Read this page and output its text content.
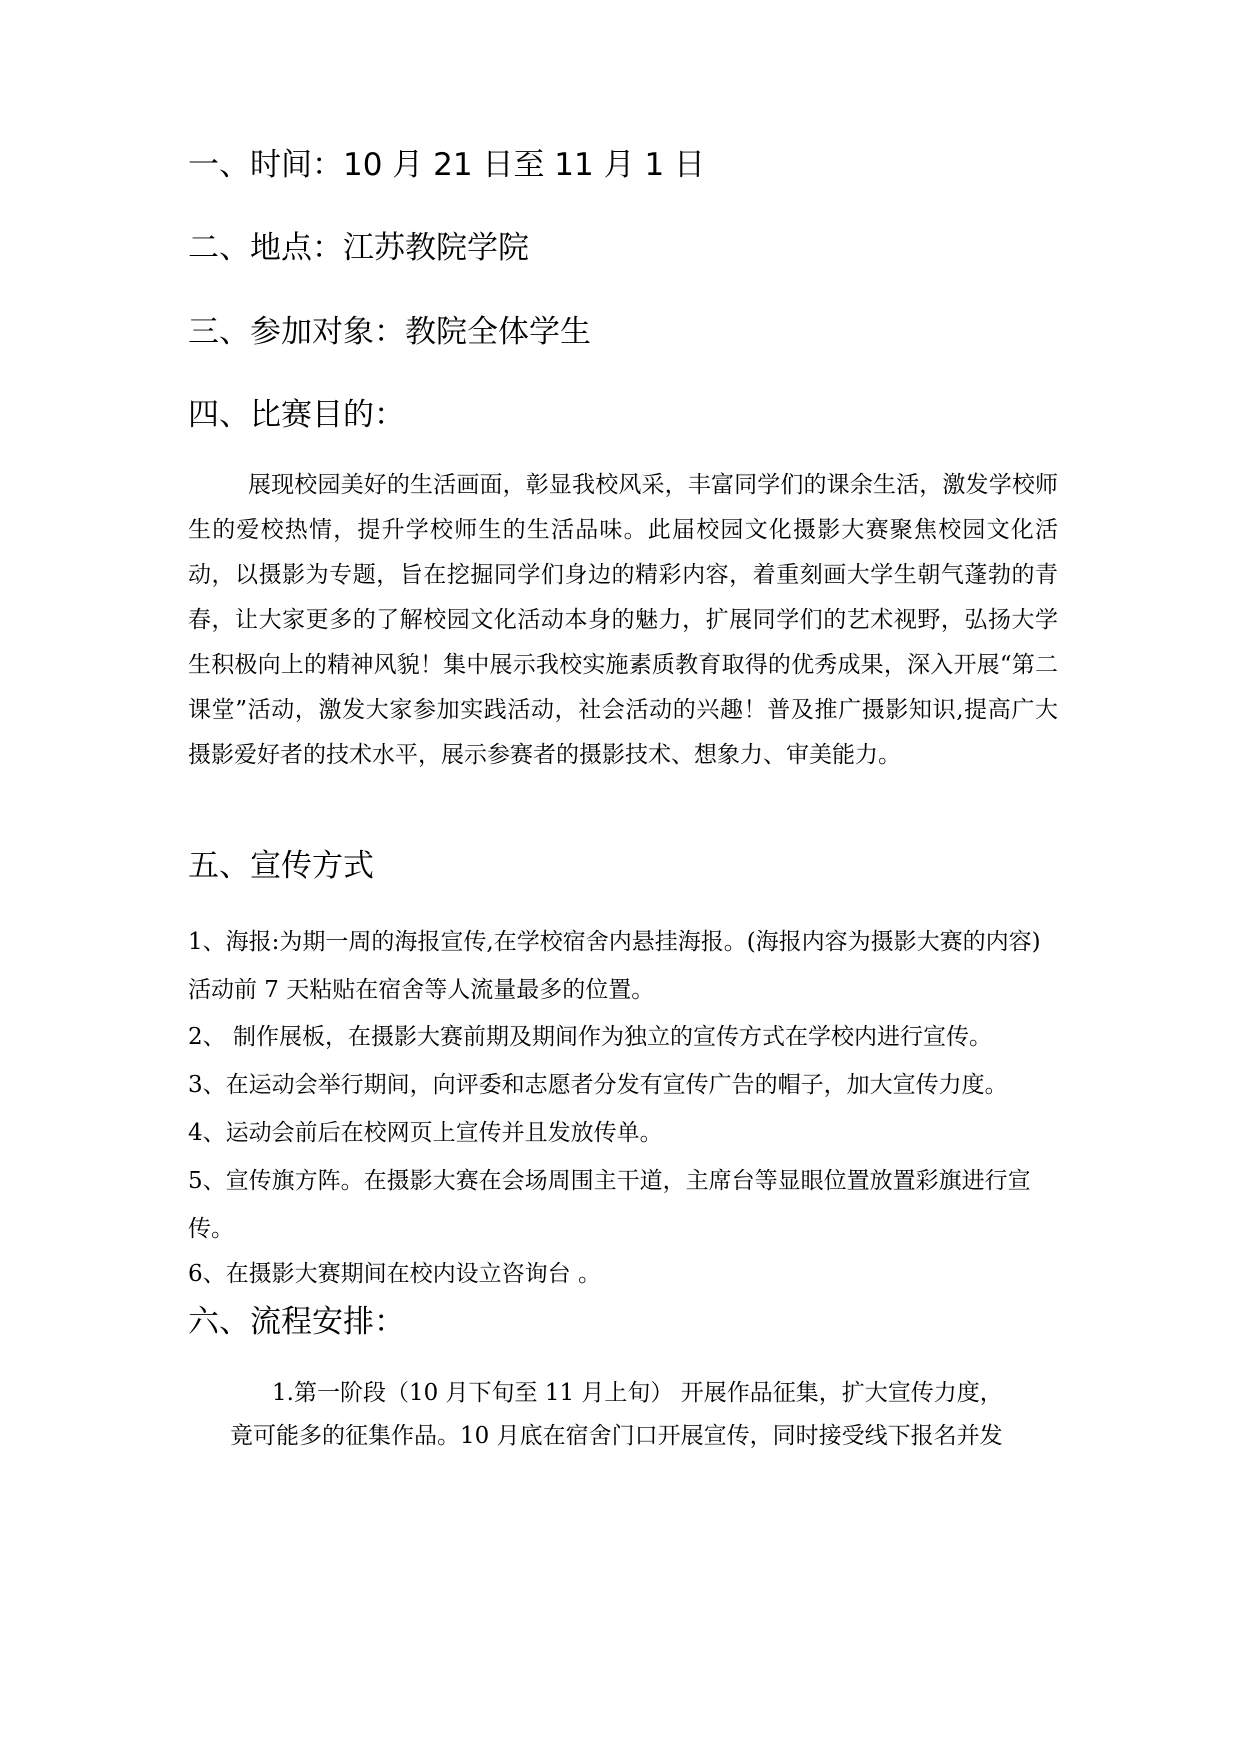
一、时间：10 月 21 日至 11 月 1 日
二、地点：江苏教院学院
三、参加对象：教院全体学生
四、比赛目的：

展现校园美好的生活画面，彰显我校风采，丰富同学们的课余生活，激发学校师生的爱校热情，提升学校师生的生活品味。此届校园文化摄影大赛聚焦校园文化活动，以摄影为专题，旨在挖掘同学们身边的精彩内容，着重刻画大学生朝气蓬勃的青春，让大家更多的了解校园文化活动本身的魅力，扩展同学们的艺术视野，弘扬大学生积极向上的精神风貌！集中展示我校实施素质教育取得的优秀成果，深入开展“第二课堂”活动，激发大家参加实践活动，社会活动的兴趣！普及推广摄影知识,提高广大摄影爱好者的技术水平，展示参赛者的摄影技术、想象力、审美能力。

五、宣传方式

1、海报:为期一周的海报宣传,在学校宿舍内悬挂海报。(海报内容为摄影大赛的内容)活动前 7 天粘贴在宿舍等人流量最多的位置。

2、 制作展板，在摄影大赛前期及期间作为独立的宣传方式在学校内进行宣传。

3、在运动会举行期间，向评委和志愿者分发有宣传广告的帽子，加大宣传力度。

4、运动会前后在校网页上宣传并且发放传单。

5、宣传旗方阵。在摄影大赛在会场周围主干道，主席台等显眼位置放置彩旗进行宣传。

6、在摄影大赛期间在校内设立咨询台 。

六、流程安排：
1.第一阶段（10 月下旬至 11 月上旬） 开展作品征集，扩大宣传力度，
竟可能多的征集作品。10 月底在宿舍门口开展宣传，同时接受线下报名并发
